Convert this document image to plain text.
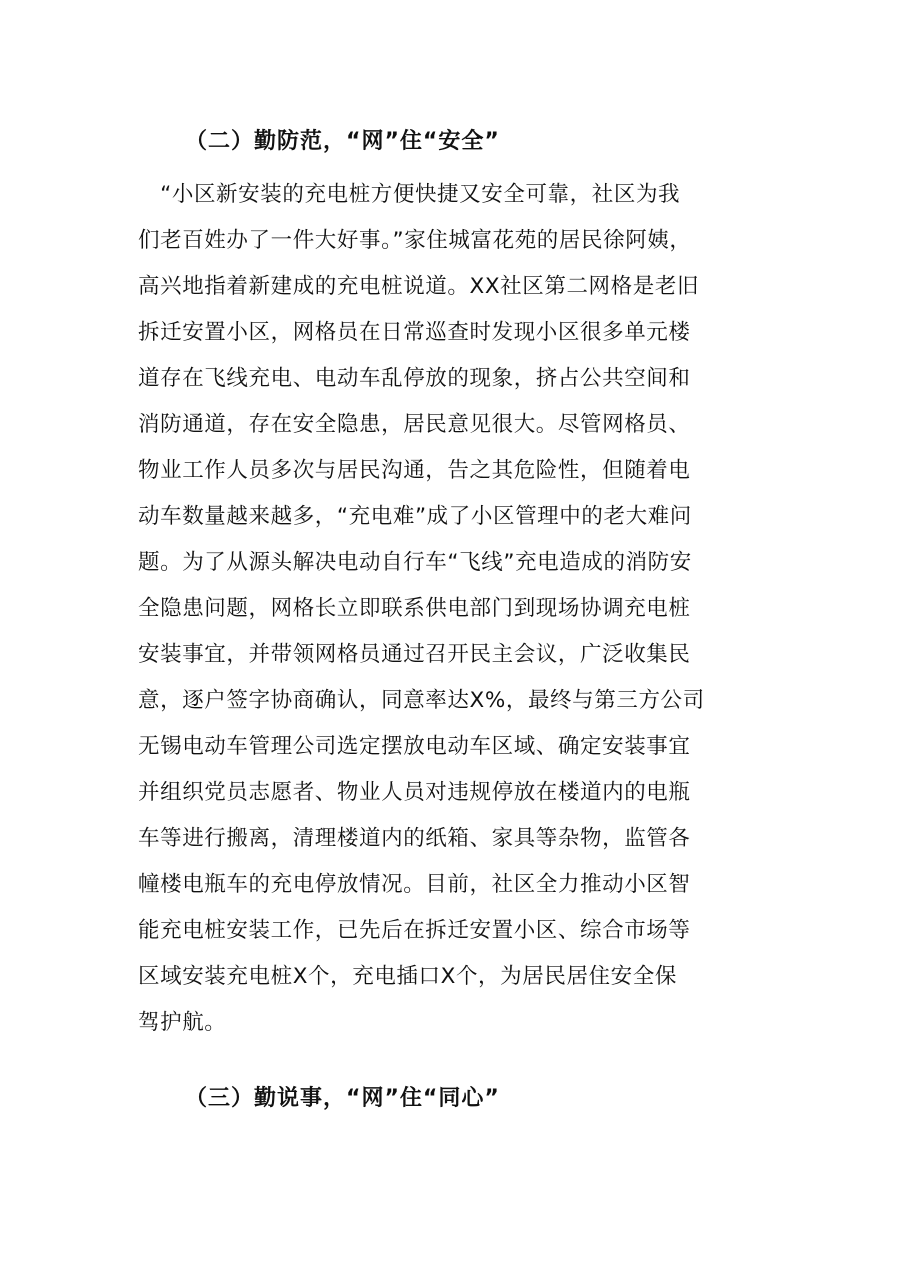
（二）勤防范，“网”住“安全”
　“小区新安装的充电桩方便快捷又安全可靠，社区为我
们老百姓办了一件大好事。”家住城富花苑的居民徐阿姨，
高兴地指着新建成的充电桩说道。XX社区第二网格是老旧
拆迁安置小区，网格员在日常巡查时发现小区很多单元楼
道存在飞线充电、电动车乱停放的现象，挤占公共空间和
消防通道，存在安全隐患，居民意见很大。尽管网格员、
物业工作人员多次与居民沟通，告之其危险性，但随着电
动车数量越来越多，“充电难”成了小区管理中的老大难问
题。为了从源头解决电动自行车“飞线”充电造成的消防安
全隐患问题，网格长立即联系供电部门到现场协调充电桩
安装事宜，并带领网格员通过召开民主会议，广泛收集民
意，逐户签字协商确认，同意率达X%，最终与第三方公司
无锡电动车管理公司选定摆放电动车区域、确定安装事宜
并组织党员志愿者、物业人员对违规停放在楼道内的电瓶
车等进行搬离，清理楼道内的纸箱、家具等杂物，监管各
幢楼电瓶车的充电停放情况。目前，社区全力推动小区智
能充电桩安装工作，已先后在拆迁安置小区、综合市场等
区域安装充电桩X个，充电插口X个，为居民居住安全保
驾护航。
（三）勤说事，“网”住“同心”
